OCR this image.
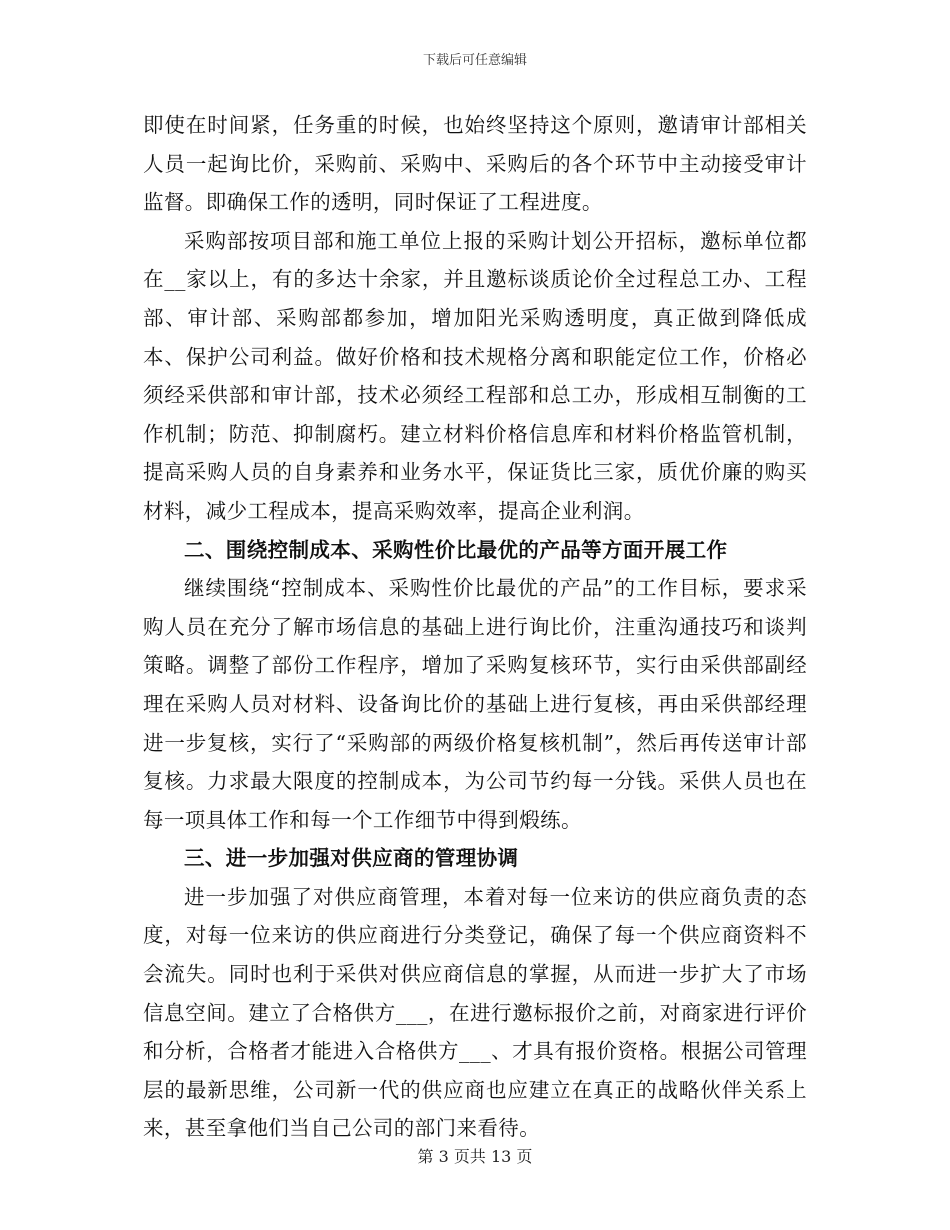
下载后可任意编辑

即使在时间紧，任务重的时候，也始终坚持这个原则，邀请审计部相关人员一起询比价，采购前、采购中、采购后的各个环节中主动接受审计监督。即确保工作的透明，同时保证了工程进度。

采购部按项目部和施工单位上报的采购计划公开招标，邀标单位都在__家以上，有的多达十余家，并且邀标谈质论价全过程总工办、工程部、审计部、采购部都参加，增加阳光采购透明度，真正做到降低成本、保护公司利益。做好价格和技术规格分离和职能定位工作，价格必须经采供部和审计部，技术必须经工程部和总工办，形成相互制衡的工作机制；防范、抑制腐朽。建立材料价格信息库和材料价格监管机制，提高采购人员的自身素养和业务水平，保证货比三家，质优价廉的购买材料，减少工程成本，提高采购效率，提高企业利润。

二、围绕控制成本、采购性价比最优的产品等方面开展工作

继续围绕“控制成本、采购性价比最优的产品”的工作目标，要求采购人员在充分了解市场信息的基础上进行询比价，注重沟通技巧和谈判策略。调整了部份工作程序，增加了采购复核环节，实行由采供部副经理在采购人员对材料、设备询比价的基础上进行复核，再由采供部经理进一步复核，实行了“采购部的两级价格复核机制”，然后再传送审计部复核。力求最大限度的控制成本，为公司节约每一分钱。采供人员也在每一项具体工作和每一个工作细节中得到煅练。

三、进一步加强对供应商的管理协调

进一步加强了对供应商管理，本着对每一位来访的供应商负责的态度，对每一位来访的供应商进行分类登记，确保了每一个供应商资料不会流失。同时也利于采供对供应商信息的掌握，从而进一步扩大了市场信息空间。建立了合格供方___，在进行邀标报价之前，对商家进行评价和分析，合格者才能进入合格供方___、才具有报价资格。根据公司管理层的最新思维，公司新一代的供应商也应建立在真正的战略伙伴关系上来，甚至拿他们当自己公司的部门来看待。

第 3 页共 13 页
